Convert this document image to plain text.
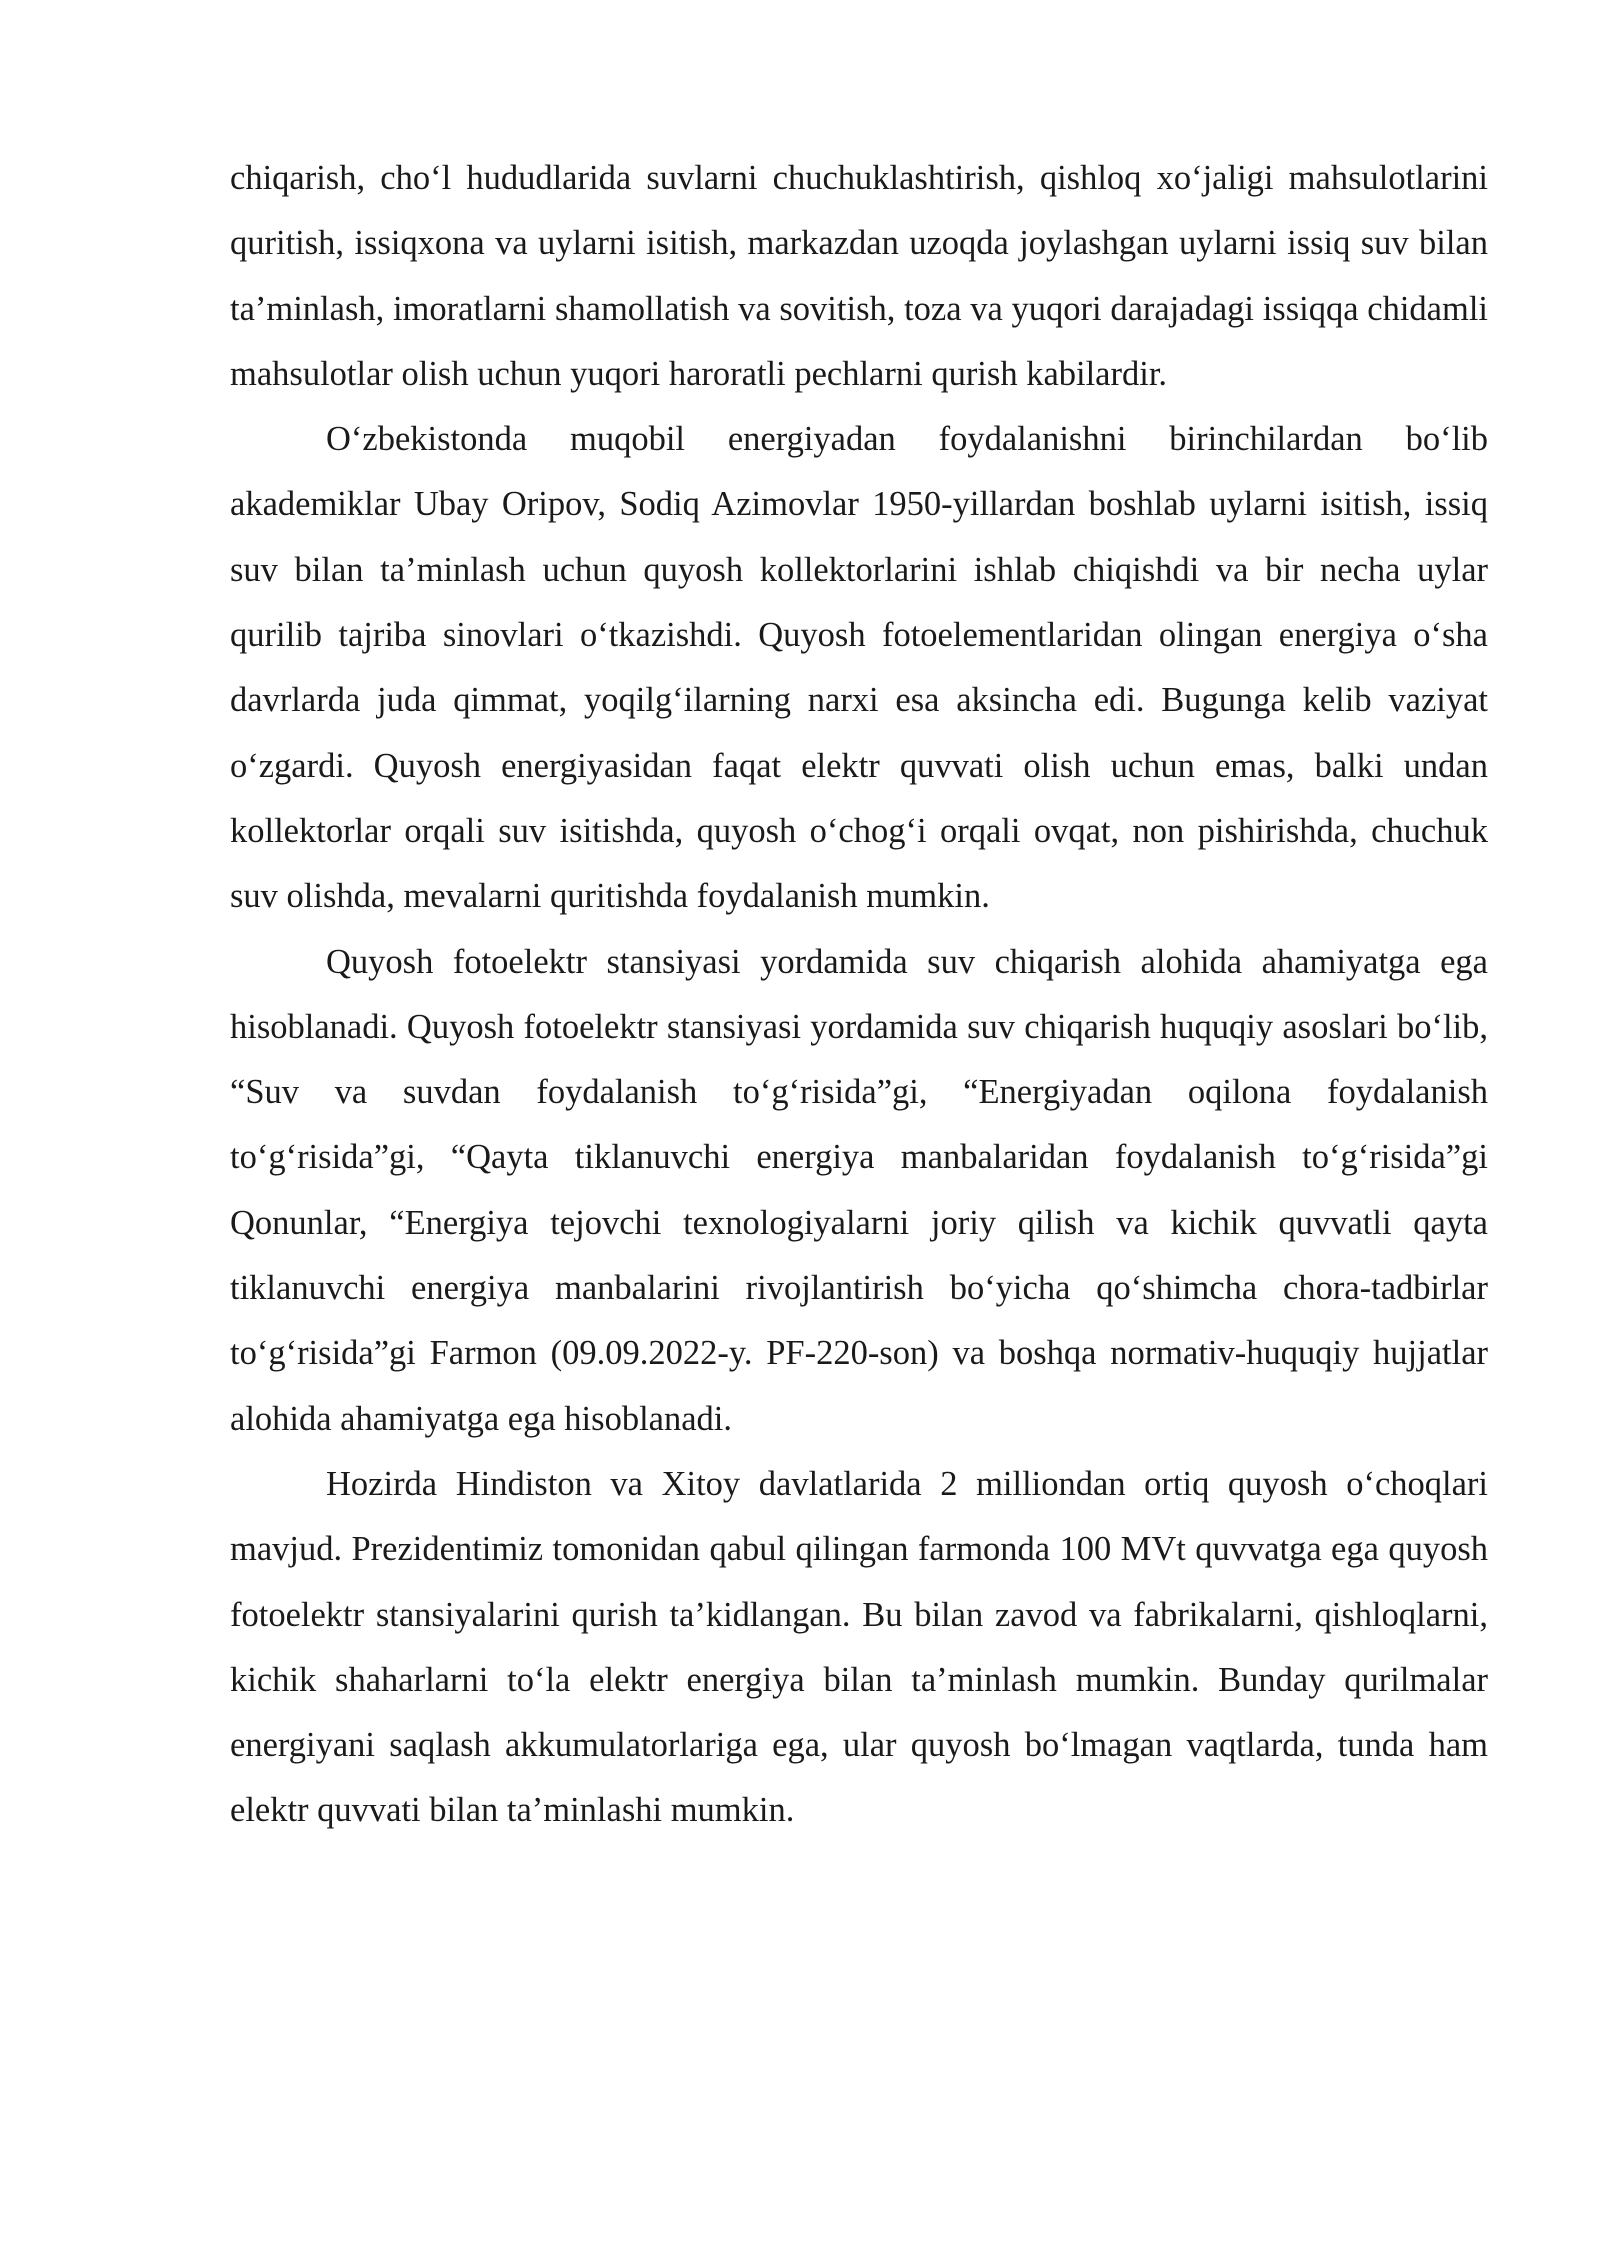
chiqarish, cho‘l hududlarida suvlarni chuchuklashtirish, qishloq xo‘jaligi mahsulotlarini quritish, issiqxona va uylarni isitish, markazdan uzoqda joylashgan uylarni issiq suv bilan ta’minlash, imoratlarni shamollatish va sovitish, toza va yuqori darajadagi issiqqa chidamli mahsulotlar olish uchun yuqori haroratli pechlarni qurish kabilardir.

O‘zbekistonda muqobil energiyadan foydalanishni birinchilardan bo‘lib akademiklar Ubay Oripov, Sodiq Azimovlar 1950-yillardan boshlab uylarni isitish, issiq suv bilan ta’minlash uchun quyosh kollektorlarini ishlab chiqishdi va bir necha uylar qurilib tajriba sinovlari o‘tkazishdi. Quyosh fotoelementlaridan olingan energiya o‘sha davrlarda juda qimmat, yoqilg‘ilarning narxi esa aksincha edi. Bugunga kelib vaziyat o‘zgardi. Quyosh energiyasidan faqat elektr quvvati olish uchun emas, balki undan kollektorlar orqali suv isitishda, quyosh o‘chog‘i orqali ovqat, non pishirishda, chuchuk suv olishda, mevalarni quritishda foydalanish mumkin.

Quyosh fotoelektr stansiyasi yordamida suv chiqarish alohida ahamiyatga ega hisoblanadi. Quyosh fotoelektr stansiyasi yordamida suv chiqarish huquqiy asoslari bo‘lib, “Suv va suvdan foydalanish to‘g‘risida”gi, “Energiyadan oqilona foydalanish to‘g‘risida”gi, “Qayta tiklanuvchi energiya manbalaridan foydalanish to‘g‘risida”gi Qonunlar, “Energiya tejovchi texnologiyalarni joriy qilish va kichik quvvatli qayta tiklanuvchi energiya manbalarini rivojlantirish bo‘yicha qo‘shimcha chora-tadbirlar to‘g‘risida”gi Farmon (09.09.2022-y. PF-220-son) va boshqa normativ-huquqiy hujjatlar alohida ahamiyatga ega hisoblanadi.

Hozirda Hindiston va Xitoy davlatlarida 2 milliondan ortiq quyosh o‘choqlari mavjud. Prezidentimiz tomonidan qabul qilingan farmonda 100 MVt quvvatga ega quyosh fotoelektr stansiyalarini qurish ta’kidlangan. Bu bilan zavod va fabrikalarni, qishloqlarni, kichik shaharlarni to‘la elektr energiya bilan ta’minlash mumkin. Bunday qurilmalar energiyani saqlash akkumulatorlariga ega, ular quyosh bo‘lmagan vaqtlarda, tunda ham elektr quvvati bilan ta’minlashi mumkin.
